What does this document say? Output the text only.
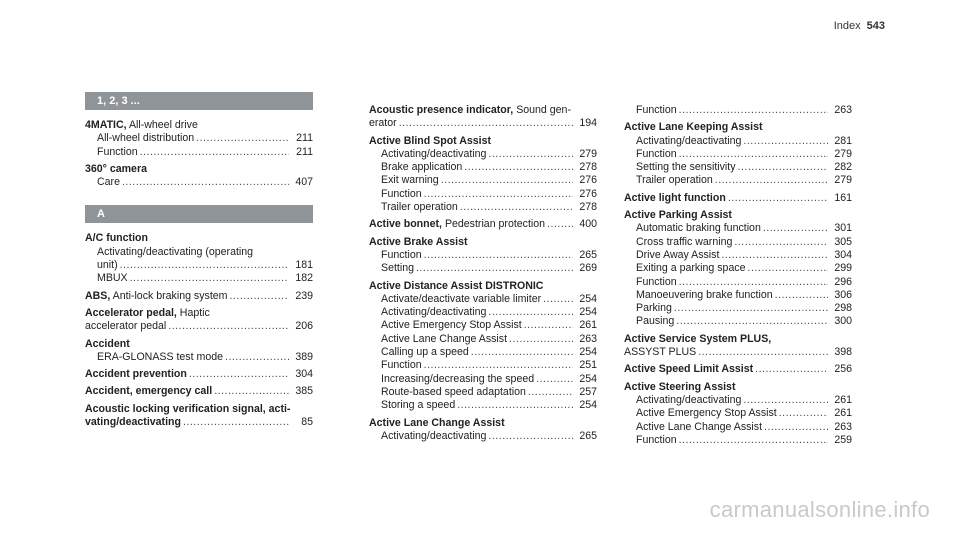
Index 543
1, 2, 3 ...
4MATIC, All-wheel drive
All-wheel distribution .....	211
Function .....	211
360° camera
Care .....	407
A
A/C function
Activating/deactivating (operating
unit) .....	181
MBUX .....	182
ABS, Anti-lock braking system .....	239
Accelerator pedal, Haptic
accelerator pedal .....	206
Accident
ERA-GLONASS test mode .....	389
Accident prevention .....	304
Accident, emergency call .....	385
Acoustic locking verification signal, acti-
vating/deactivating .....	85
Acoustic presence indicator, Sound gen-
erator .....	194
Active Blind Spot Assist
Activating/deactivating .....	279
Brake application .....	278
Exit warning .....	276
Function .....	276
Trailer operation .....	278
Active bonnet, Pedestrian protection .....	400
Active Brake Assist
Function .....	265
Setting .....	269
Active Distance Assist DISTRONIC
Activate/deactivate variable limiter .....	254
Activating/deactivating .....	254
Active Emergency Stop Assist .....	261
Active Lane Change Assist .....	263
Calling up a speed .....	254
Function .....	251
Increasing/decreasing the speed .....	254
Route-based speed adaptation .....	257
Storing a speed .....	254
Active Lane Change Assist
Activating/deactivating .....	265
Function .....	263
Active Lane Keeping Assist
Activating/deactivating .....	281
Function .....	279
Setting the sensitivity .....	282
Trailer operation .....	279
Active light function .....	161
Active Parking Assist
Automatic braking function .....	301
Cross traffic warning .....	305
Drive Away Assist .....	304
Exiting a parking space .....	299
Function .....	296
Manoeuvering brake function .....	306
Parking .....	298
Pausing .....	300
Active Service System PLUS,
ASSYST PLUS .....	398
Active Speed Limit Assist .....	256
Active Steering Assist
Activating/deactivating .....	261
Active Emergency Stop Assist .....	261
Active Lane Change Assist .....	263
Function .....	259
carmanualsonline.info
